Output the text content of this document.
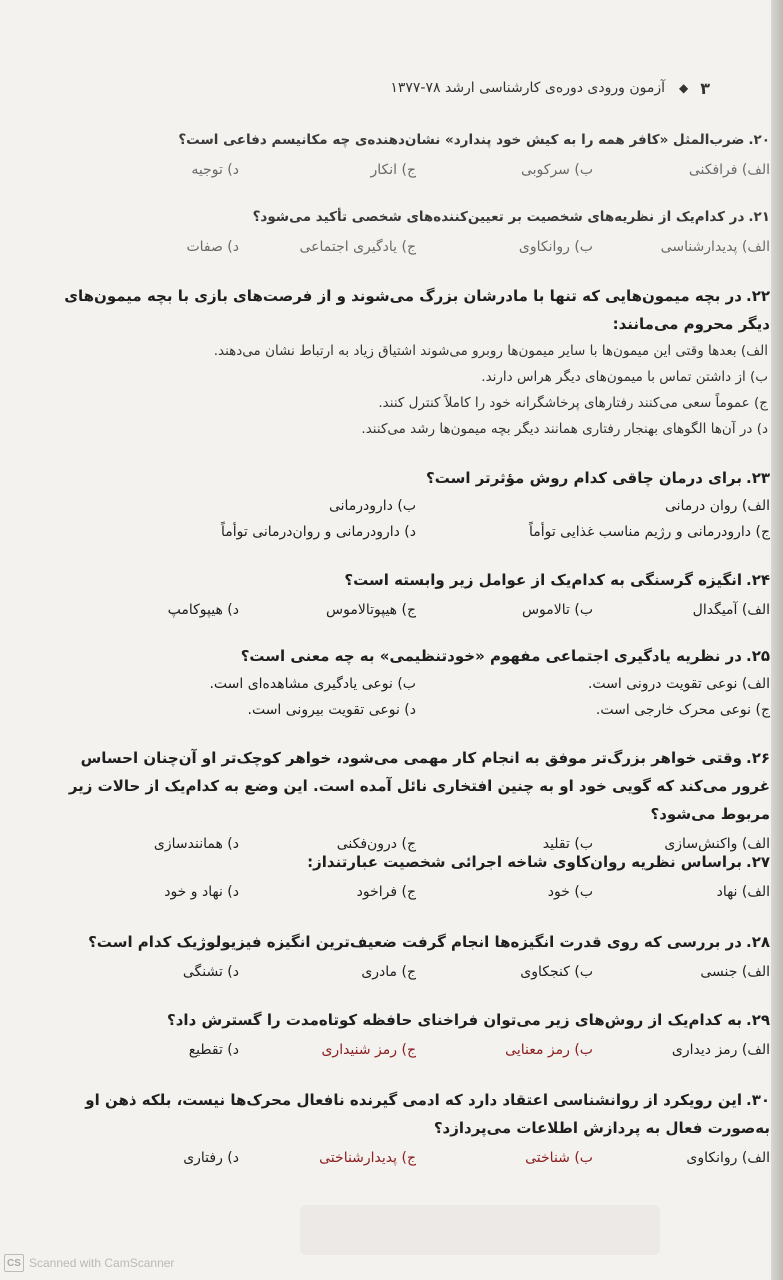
۳
◆
آزمون ورودی دوره‌ی کارشناسی ارشد ۷۸-۱۳۷۷

۲۰.ضرب‌المثل «کافر همه را به کیش خود پندارد» نشان‌دهنده‌ی چه مکانیسم دفاعی است؟

الف) فرافکنی
ب) سرکوبی
ج) انکار
د) توجیه

۲۱.در کدام‌یک از نظریه‌های شخصیت بر تعیین‌کننده‌های شخصی تأکید می‌شود؟

الف) پدیدارشناسی
ب) روانکاوی
ج) یادگیری اجتماعی
د) صفات

۲۲.در بچه میمون‌هایی که تنها با مادرشان بزرگ می‌شوند و از فرصت‌های بازی با بچه میمون‌های دیگر محروم می‌مانند:

الف) بعدها وقتی این میمون‌ها با سایر میمون‌ها روبرو می‌شوند اشتیاق زیاد به ارتباط نشان می‌دهند.
ب) از داشتن تماس با میمون‌های دیگر هراس دارند.
ج) عموماً سعی می‌کنند رفتارهای پرخاشگرانه خود را کاملاً کنترل کنند.
د) در آن‌ها الگوهای بهنجار رفتاری همانند دیگر بچه میمون‌ها رشد می‌کنند.

۲۳.برای درمان چاقی کدام روش مؤثرتر است؟

الف) روان درمانی
ب) دارودرمانی
ج) دارودرمانی و رژیم مناسب غذایی توأماً
د) دارودرمانی و روان‌درمانی توأماً

۲۴.انگیزه گرسنگی به کدام‌یک از عوامل زیر وابسته است؟

الف) آمیگدال
ب) تالاموس
ج) هیپوتالاموس
د) هیپوکامپ

۲۵.در نظریه یادگیری اجتماعی مفهوم «خودتنظیمی» به چه معنی است؟

الف) نوعی تقویت درونی است.
ب) نوعی یادگیری مشاهده‌ای است.
ج) نوعی محرک خارجی است.
د) نوعی تقویت بیرونی است.

۲۶.وقتی خواهر بزرگ‌تر موفق به انجام کار مهمی می‌شود، خواهر کوچک‌تر او آن‌چنان احساس غرور می‌کند که گویی خود او به چنین افتخاری نائل آمده است. این وضع به کدام‌یک از حالات زیر مربوط می‌شود؟

الف) واکنش‌سازی
ب) تقلید
ج) درون‌فکنی
د) همانندسازی

۲۷.براساس نظریه روان‌کاوی شاخه اجرائی شخصیت عبارتنداز:

الف) نهاد
ب) خود
ج) فراخود
د) نهاد و خود

۲۸.در بررسی که روی قدرت انگیزه‌ها انجام گرفت ضعیف‌ترین انگیزه فیزیولوژیک کدام است؟

الف) جنسی
ب) کنجکاوی
ج) مادری
د) تشنگی

۲۹.به کدام‌یک از روش‌های زیر می‌توان فراخنای حافظه کوتاه‌مدت را گسترش داد؟

الف) رمز دیداری
ب) رمز معنایی
ج) رمز شنیداری
د) تقطیع

۳۰.این رویکرد از روانشناسی اعتقاد دارد که ادمی گیرنده نافعال محرک‌ها نیست، بلکه ذهن او به‌صورت فعال به پردازش اطلاعات می‌پردازد؟

الف) روانکاوی
ب) شناختی
ج) پدیدارشناختی
د) رفتاری
CS Scanned with CamScanner
